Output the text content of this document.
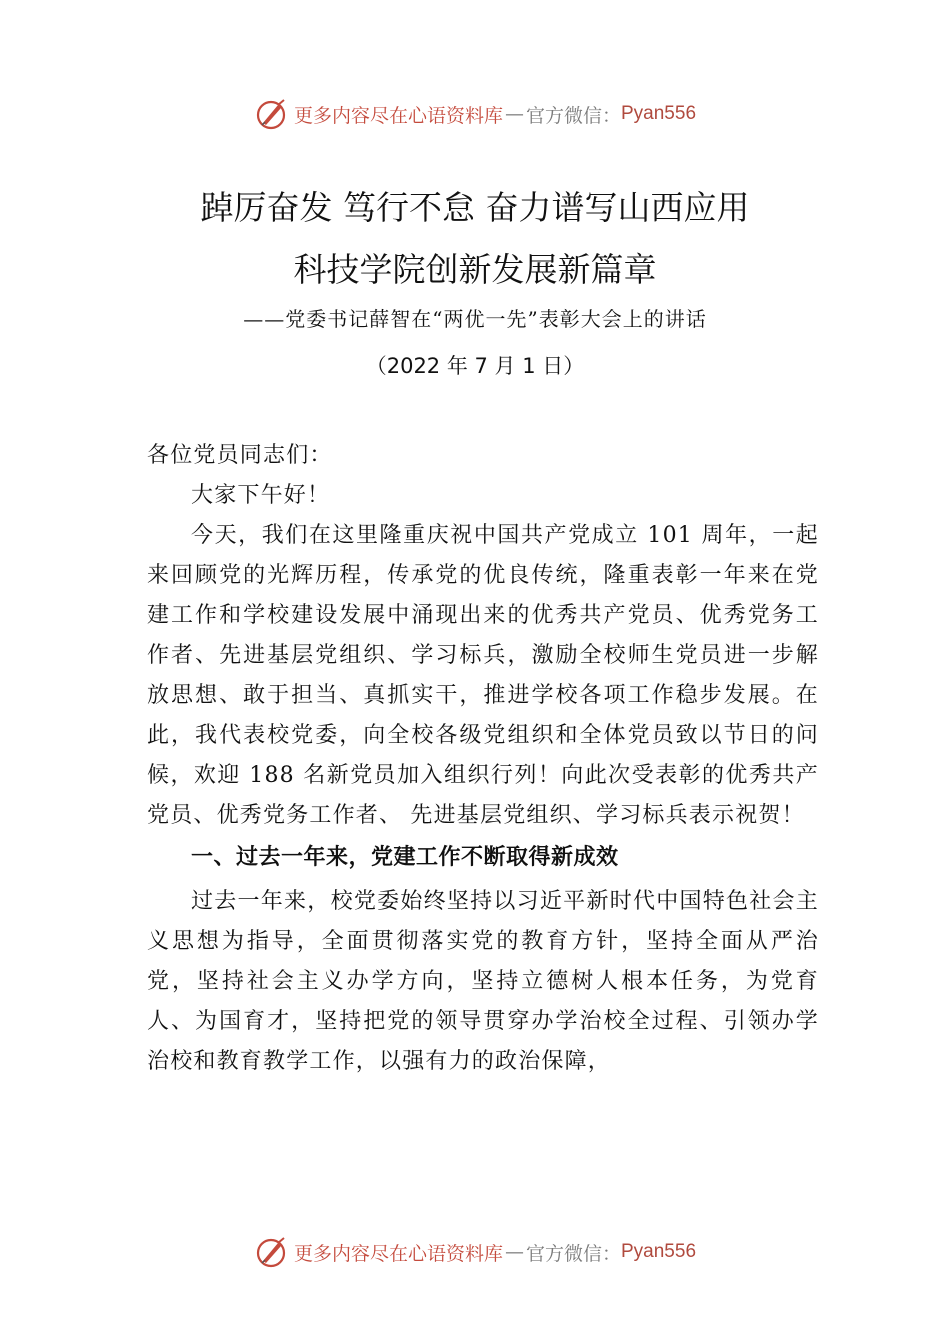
更多内容尽在心语资料库 — 官方微信： Pyan556
踔厉奋发 笃行不怠 奋力谱写山西应用
科技学院创新发展新篇章
——党委书记薛智在“两优一先”表彰大会上的讲话
（2022 年 7 月 1 日）

各位党员同志们：

大家下午好！

今天，我们在这里隆重庆祝中国共产党成立 101 周年，一起来回顾党的光辉历程，传承党的优良传统，隆重表彰一年来在党建工作和学校建设发展中涌现出来的优秀共产党员、优秀党务工作者、先进基层党组织、学习标兵，激励全校师生党员进一步解放思想、敢于担当、真抓实干，推进学校各项工作稳步发展。在此，我代表校党委，向全校各级党组织和全体党员致以节日的问候，欢迎 188 名新党员加入组织行列！向此次受表彰的优秀共产党员、优秀党务工作者、 先进基层党组织、学习标兵表示祝贺！

一、过去一年来，党建工作不断取得新成效

过去一年来，校党委始终坚持以习近平新时代中国特色社会主义思想为指导，全面贯彻落实党的教育方针，坚持全面从严治党，坚持社会主义办学方向，坚持立德树人根本任务，为党育人、为国育才，坚持把党的领导贯穿办学治校全过程、引领办学治校和教育教学工作，以强有力的政治保障，

更多内容尽在心语资料库 — 官方微信： Pyan556
